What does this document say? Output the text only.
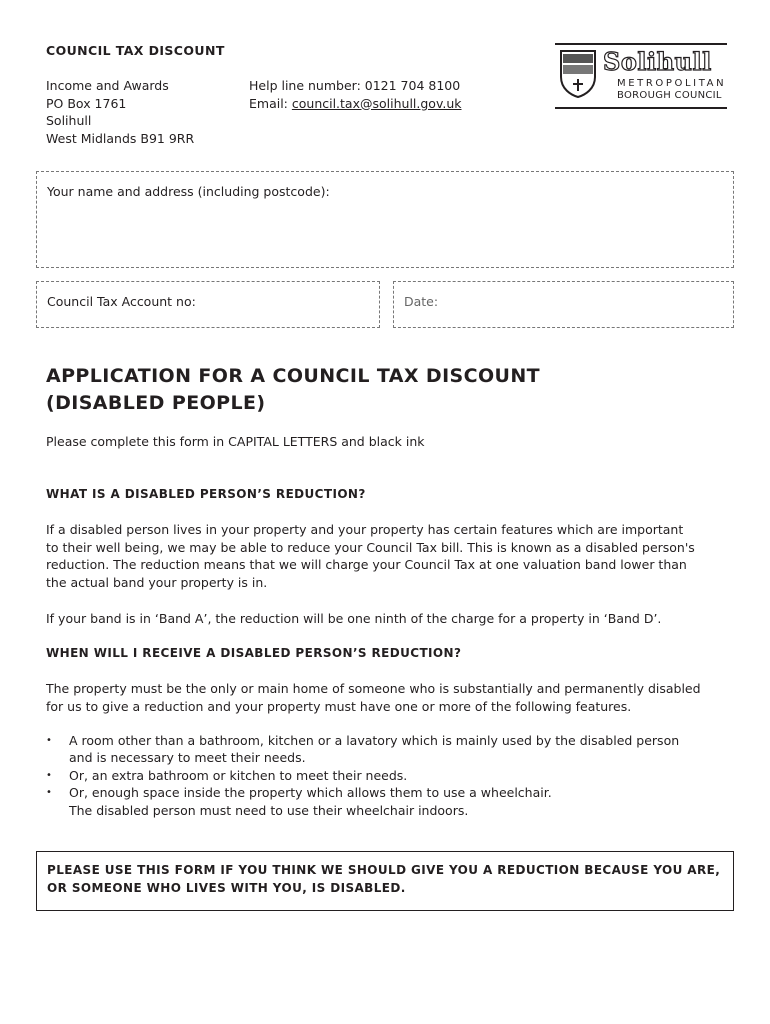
COUNCIL TAX DISCOUNT
Income and Awards
PO Box 1761
Solihull
West Midlands B91 9RR
Help line number: 0121 704 8100
Email: council.tax@solihull.gov.uk
Solihull
METROPOLITAN
BOROUGH COUNCIL
Your name and address (including postcode):
Council Tax Account no:	Date:
APPLICATION FOR A COUNCIL TAX DISCOUNT
(DISABLED PEOPLE)
Please complete this form in CAPITAL LETTERS and black ink
WHAT IS A DISABLED PERSON’S REDUCTION?
If a disabled person lives in your property and your property has certain features which are important
to their well being, we may be able to reduce your Council Tax bill. This is known as a disabled person's
reduction. The reduction means that we will charge your Council Tax at one valuation band lower than
the actual band your property is in.
If your band is in ‘Band A’, the reduction will be one ninth of the charge for a property in ‘Band D’.
WHEN WILL I RECEIVE A DISABLED PERSON’S REDUCTION?
The property must be the only or main home of someone who is substantially and permanently disabled
for us to give a reduction and your property must have one or more of the following features.
• A room other than a bathroom, kitchen or a lavatory which is mainly used by the disabled person
and is necessary to meet their needs.
• Or, an extra bathroom or kitchen to meet their needs.
• Or, enough space inside the property which allows them to use a wheelchair.
The disabled person must need to use their wheelchair indoors.
PLEASE USE THIS FORM IF YOU THINK WE SHOULD GIVE YOU A REDUCTION BECAUSE YOU ARE,
OR SOMEONE WHO LIVES WITH YOU, IS DISABLED.
